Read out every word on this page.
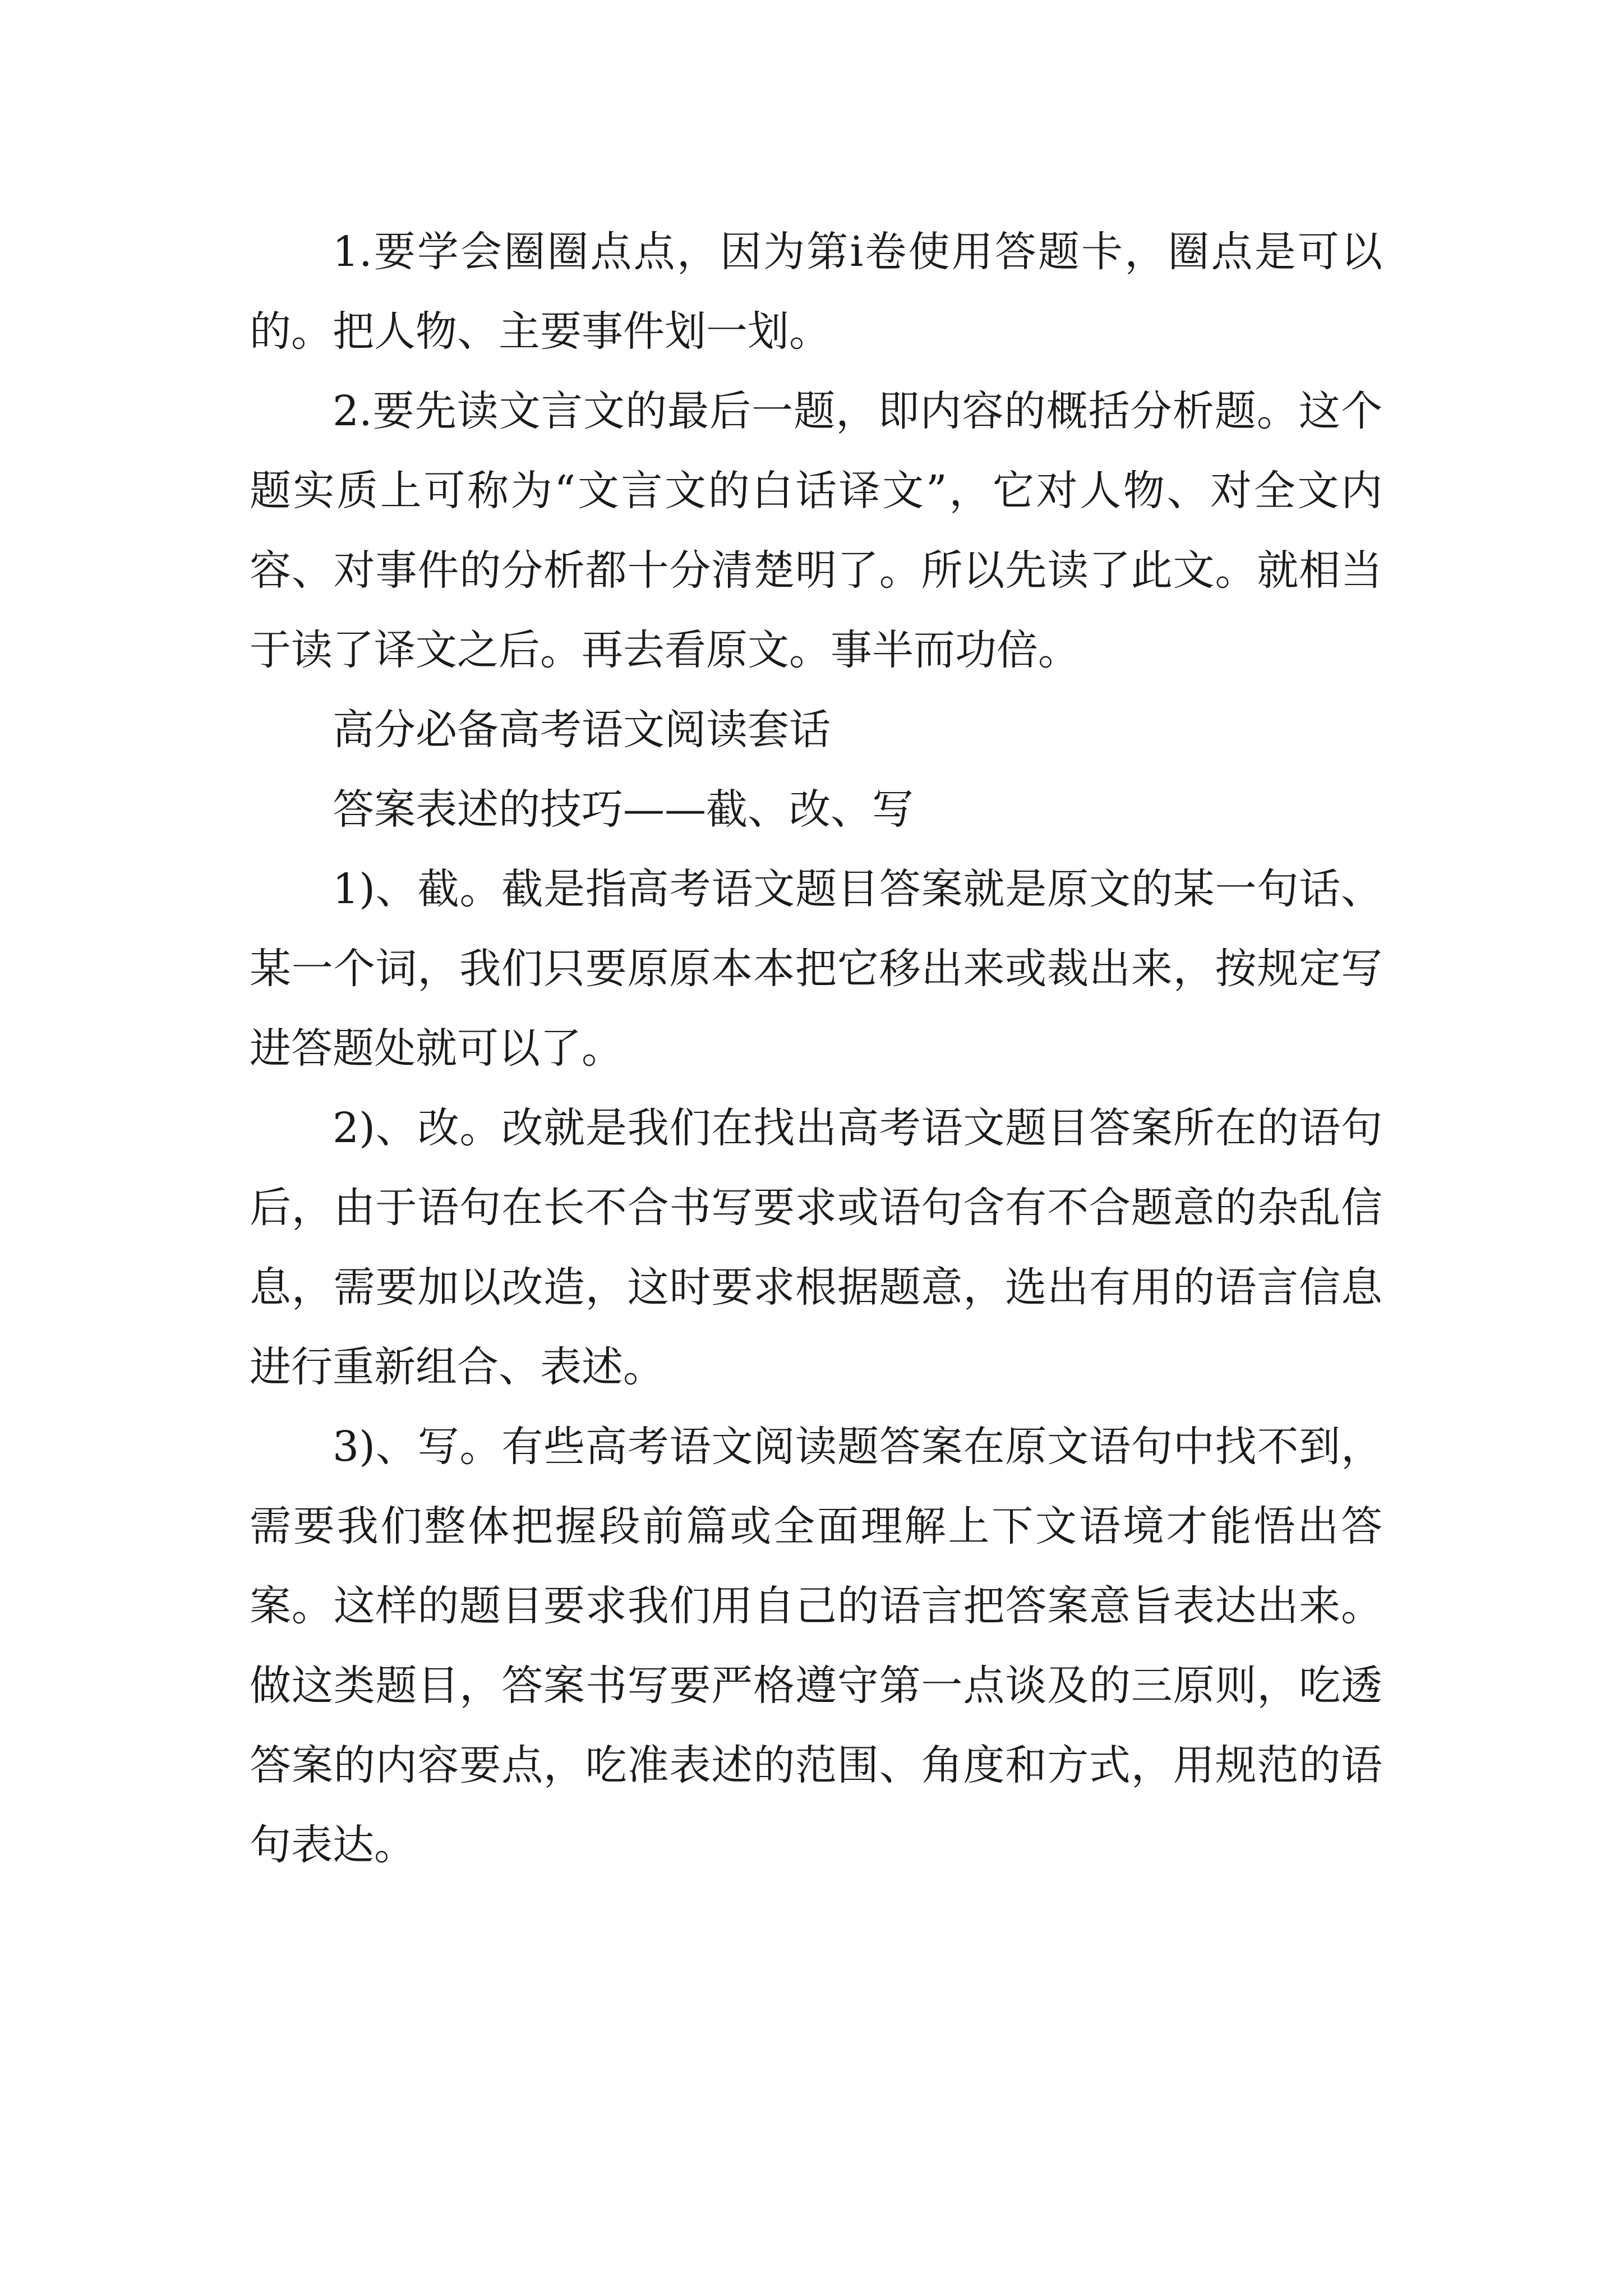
1.要学会圈圈点点，因为第ⅰ卷使用答题卡，圈点是可以的。把人物、主要事件划一划。

2.要先读文言文的最后一题，即内容的概括分析题。这个题实质上可称为“文言文的白话译文”，它对人物、对全文内容、对事件的分析都十分清楚明了。所以先读了此文。就相当于读了译文之后。再去看原文。事半而功倍。

高分必备高考语文阅读套话

答案表述的技巧——截、改、写

1)、截。截是指高考语文题目答案就是原文的某一句话、某一个词，我们只要原原本本把它移出来或裁出来，按规定写进答题处就可以了。

2)、改。改就是我们在找出高考语文题目答案所在的语句后，由于语句在长不合书写要求或语句含有不合题意的杂乱信息，需要加以改造，这时要求根据题意，选出有用的语言信息进行重新组合、表述。

3)、写。有些高考语文阅读题答案在原文语句中找不到，需要我们整体把握段前篇或全面理解上下文语境才能悟出答案。这样的题目要求我们用自己的语言把答案意旨表达出来。做这类题目，答案书写要严格遵守第一点谈及的三原则，吃透答案的内容要点，吃准表述的范围、角度和方式，用规范的语句表达。
